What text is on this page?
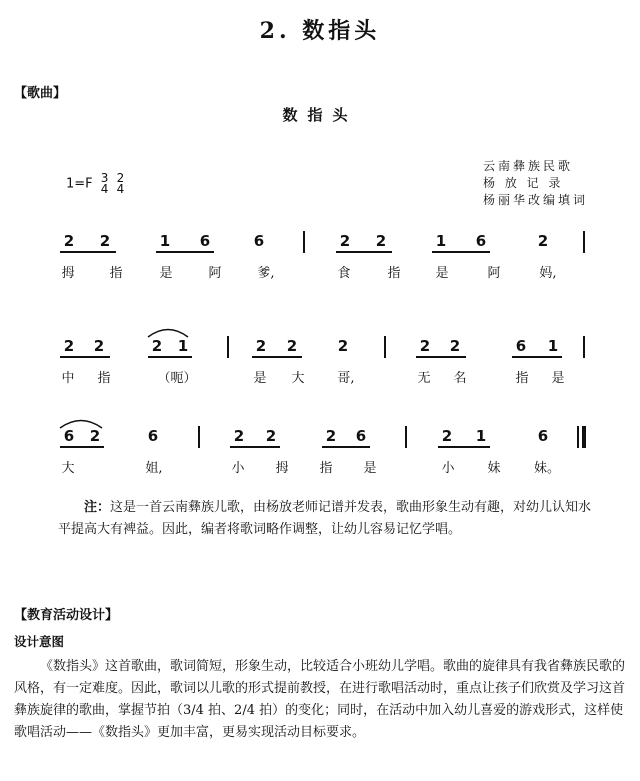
2. 数指头
【歌曲】
数指头
1=F 3
4

2
4
云南彝族民歌
杨 放 记 录
杨丽华改编填词
2 2	1 6	6	2 2	1 6	2
拇	指	是	阿	爹,	食	指	是	阿	妈,
2 2	2 1	2 2	2	2 2	6 1
中 指	（呃）	是 大	哥,	无 名	指 是
6 2	6	2 2	2 6	2 1	6
大	姐,	小 拇 指 是	小	妹	妹。
注：这是一首云南彝族儿歌，由杨放老师记谱并发表，歌曲形象生动有趣，对幼儿认知水平提高大有裨益。因此，编者将歌词略作调整，让幼儿容易记忆学唱。
【教育活动设计】
设计意图
《数指头》这首歌曲，歌词简短，形象生动，比较适合小班幼儿学唱。歌曲的旋律具有我省彝族民歌的风格，有一定难度。因此，歌词以儿歌的形式提前教授，在进行歌唱活动时，重点让孩子们欣赏及学习这首彝族旋律的歌曲，掌握节拍（3/4 拍、2/4 拍）的变化；同时，在活动中加入幼儿喜爱的游戏形式，这样使歌唱活动——《数指头》更加丰富，更易实现活动目标要求。
